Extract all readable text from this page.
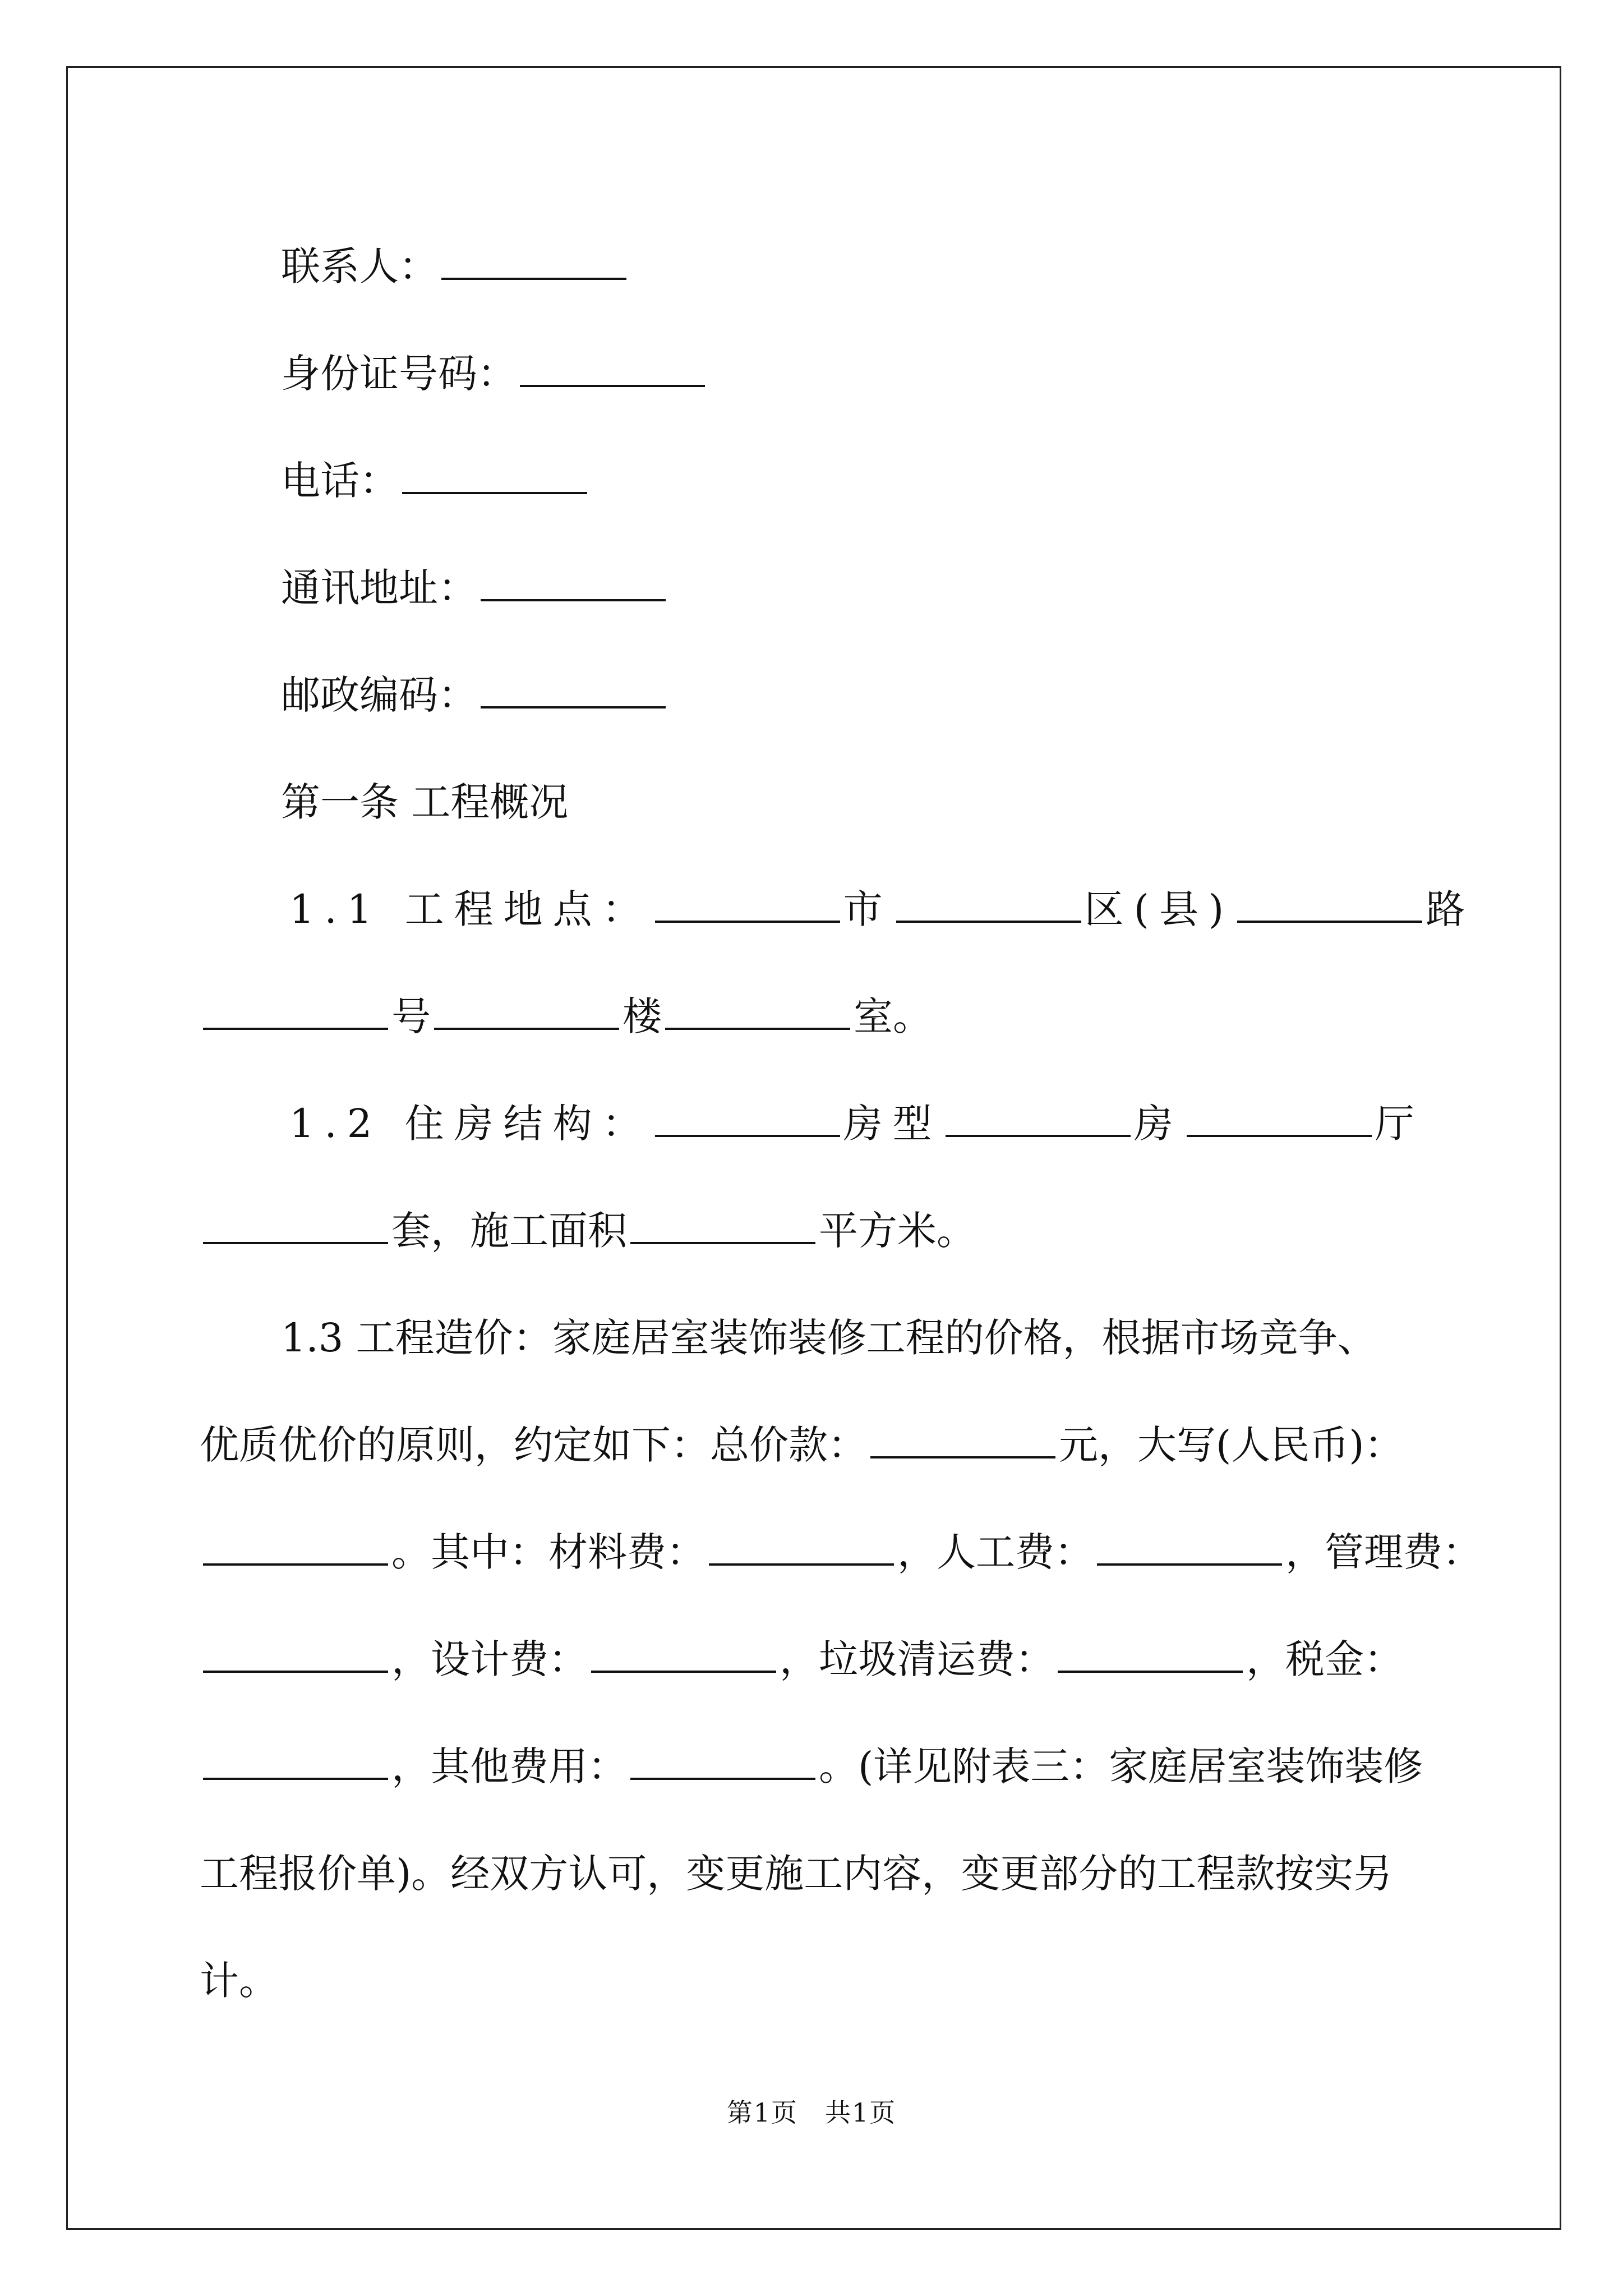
联系人：
身份证号码：
电话：
通讯地址：
邮政编码：
第一条 工程概况
1.1 工程地点：	市	区(县)	路
号	楼	室。
1.2 住房结构：	房型	房	厅
套，施工面积	平方米。
1.3 工程造价：家庭居室装饰装修工程的价格，根据市场竞争、
优质优价的原则，约定如下：总价款：	元，大写(人民币)：
。其中：材料费：	，人工费：	，管理费：
，设计费：	，垃圾清运费：	，税金：
，其他费用：	。(详见附表三：家庭居室装饰装修
工程报价单)。经双方认可，变更施工内容，变更部分的工程款按实另
计。
第1页　共1页
